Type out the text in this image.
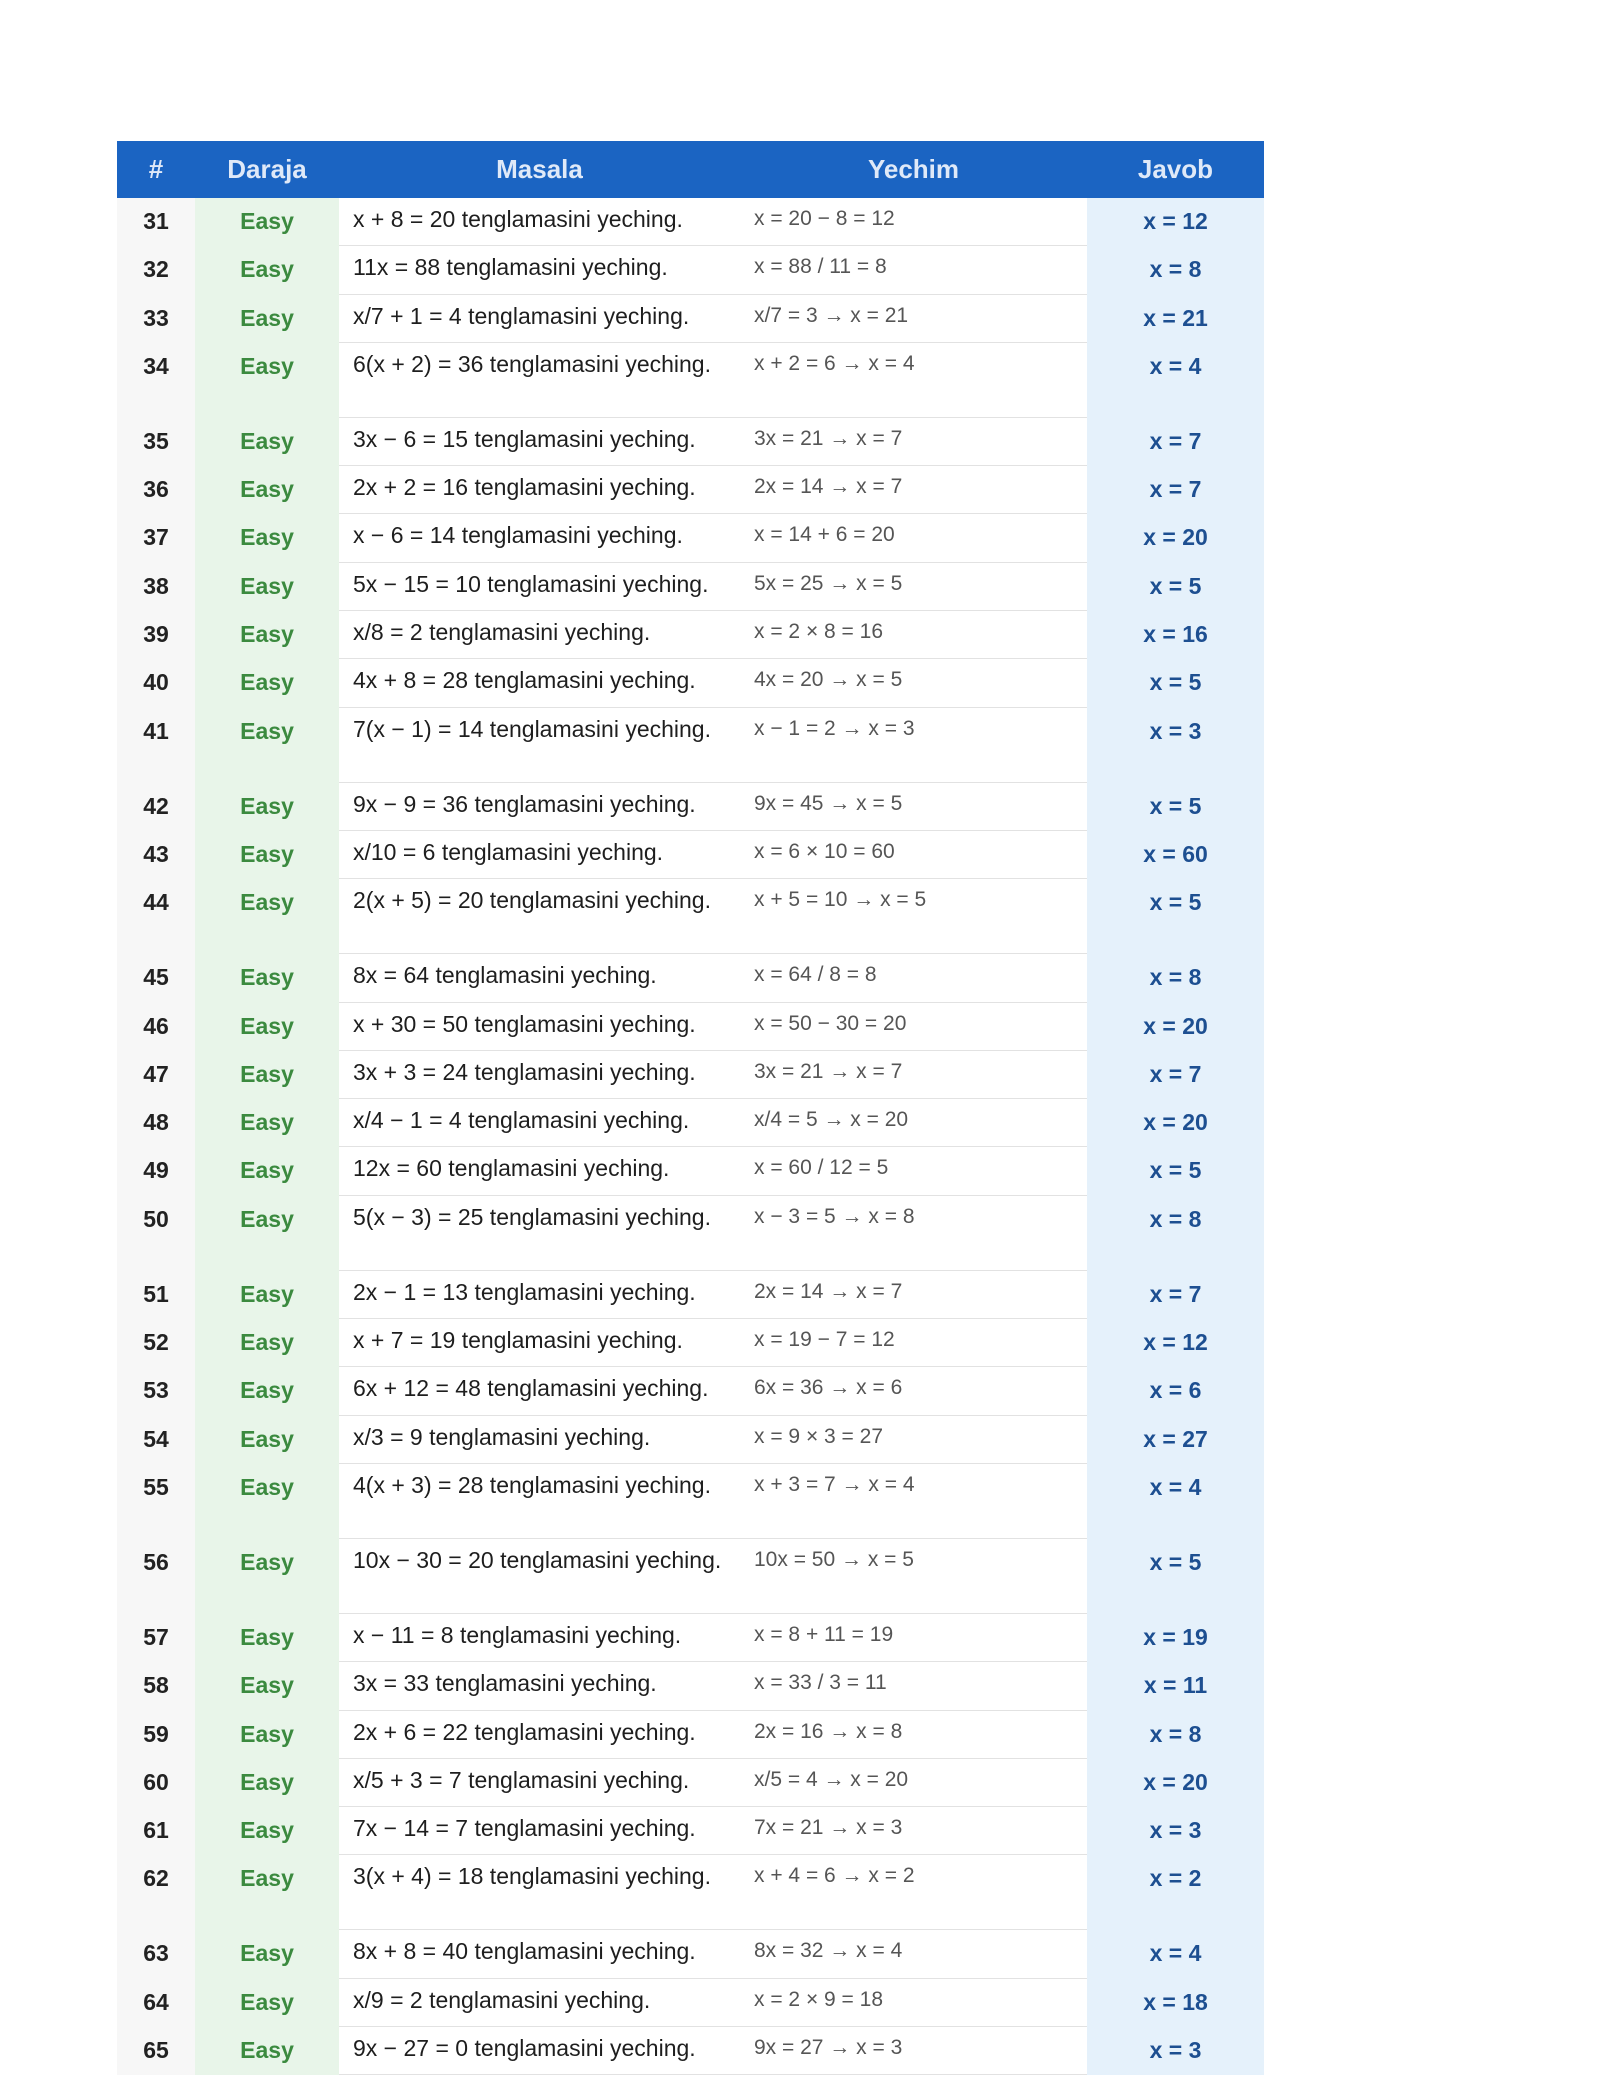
#	Daraja	Masala	Yechim	Javob
31	Easy	x + 8 = 20 tenglamasini yeching.	x = 20 − 8 = 12	x = 12
32	Easy	11x = 88 tenglamasini yeching.	x = 88 / 11 = 8	x = 8
33	Easy	x/7 + 1 = 4 tenglamasini yeching.	x/7 = 3 → x = 21	x = 21
34	Easy	6(x + 2) = 36 tenglamasini yeching.	x + 2 = 6 → x = 4	x = 4
35	Easy	3x − 6 = 15 tenglamasini yeching.	3x = 21 → x = 7	x = 7
36	Easy	2x + 2 = 16 tenglamasini yeching.	2x = 14 → x = 7	x = 7
37	Easy	x − 6 = 14 tenglamasini yeching.	x = 14 + 6 = 20	x = 20
38	Easy	5x − 15 = 10 tenglamasini yeching.	5x = 25 → x = 5	x = 5
39	Easy	x/8 = 2 tenglamasini yeching.	x = 2 × 8 = 16	x = 16
40	Easy	4x + 8 = 28 tenglamasini yeching.	4x = 20 → x = 5	x = 5
41	Easy	7(x − 1) = 14 tenglamasini yeching.	x − 1 = 2 → x = 3	x = 3
42	Easy	9x − 9 = 36 tenglamasini yeching.	9x = 45 → x = 5	x = 5
43	Easy	x/10 = 6 tenglamasini yeching.	x = 6 × 10 = 60	x = 60
44	Easy	2(x + 5) = 20 tenglamasini yeching.	x + 5 = 10 → x = 5	x = 5
45	Easy	8x = 64 tenglamasini yeching.	x = 64 / 8 = 8	x = 8
46	Easy	x + 30 = 50 tenglamasini yeching.	x = 50 − 30 = 20	x = 20
47	Easy	3x + 3 = 24 tenglamasini yeching.	3x = 21 → x = 7	x = 7
48	Easy	x/4 − 1 = 4 tenglamasini yeching.	x/4 = 5 → x = 20	x = 20
49	Easy	12x = 60 tenglamasini yeching.	x = 60 / 12 = 5	x = 5
50	Easy	5(x − 3) = 25 tenglamasini yeching.	x − 3 = 5 → x = 8	x = 8
51	Easy	2x − 1 = 13 tenglamasini yeching.	2x = 14 → x = 7	x = 7
52	Easy	x + 7 = 19 tenglamasini yeching.	x = 19 − 7 = 12	x = 12
53	Easy	6x + 12 = 48 tenglamasini yeching.	6x = 36 → x = 6	x = 6
54	Easy	x/3 = 9 tenglamasini yeching.	x = 9 × 3 = 27	x = 27
55	Easy	4(x + 3) = 28 tenglamasini yeching.	x + 3 = 7 → x = 4	x = 4
56	Easy	10x − 30 = 20 tenglamasini yeching.	10x = 50 → x = 5	x = 5
57	Easy	x − 11 = 8 tenglamasini yeching.	x = 8 + 11 = 19	x = 19
58	Easy	3x = 33 tenglamasini yeching.	x = 33 / 3 = 11	x = 11
59	Easy	2x + 6 = 22 tenglamasini yeching.	2x = 16 → x = 8	x = 8
60	Easy	x/5 + 3 = 7 tenglamasini yeching.	x/5 = 4 → x = 20	x = 20
61	Easy	7x − 14 = 7 tenglamasini yeching.	7x = 21 → x = 3	x = 3
62	Easy	3(x + 4) = 18 tenglamasini yeching.	x + 4 = 6 → x = 2	x = 2
63	Easy	8x + 8 = 40 tenglamasini yeching.	8x = 32 → x = 4	x = 4
64	Easy	x/9 = 2 tenglamasini yeching.	x = 2 × 9 = 18	x = 18
65	Easy	9x − 27 = 0 tenglamasini yeching.	9x = 27 → x = 3	x = 3
